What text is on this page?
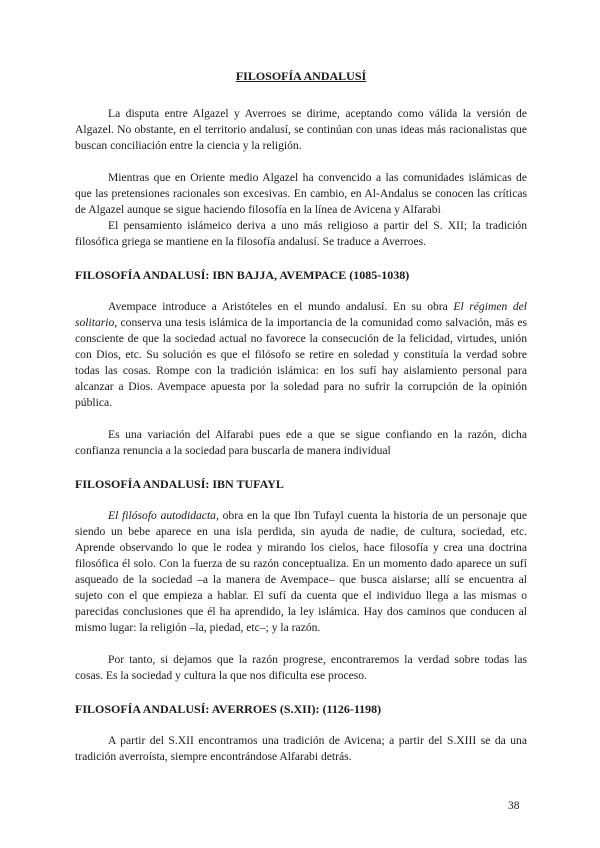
FILOSOFÍA ANDALUSÍ

La disputa entre Algazel y Averroes se dirime, aceptando como válida la versión de Algazel. No obstante, en el territorio andalusí, se continúan con unas ideas más racionalistas que buscan conciliación entre la ciencia y la religión.

Mientras que en Oriente medio Algazel ha convencido a las comunidades islámicas de que las pretensiones racionales son excesivas. En cambio, en Al-Andalus se conocen las críticas de Algazel aunque se sigue haciendo filosofía en la línea de Avicena y Alfarabi

El pensamiento islámeico deriva a uno más religioso a partir del S. XII; la tradición filosófica griega se mantiene en la filosofía andalusí. Se traduce a Averroes.

FILOSOFÍA ANDALUSÍ: IBN BAJJA, AVEMPACE (1085-1038)

Avempace introduce a Aristóteles en el mundo andalusí. En su obra El régimen del solitario, conserva una tesis islámica de la importancia de la comunidad como salvación, más es consciente de que la sociedad actual no favorece la consecución de la felicidad, virtudes, unión con Dios, etc. Su solución es que el filósofo se retire en soledad y constituía la verdad sobre todas las cosas. Rompe con la tradición islámica: en los sufí hay aislamiento personal para alcanzar a Dios. Avempace apuesta por la soledad para no sufrir la corrupción de la opinión pública.

Es una variación del Alfarabi pues ede a que se sigue confiando en la razón, dicha confianza renuncia a la sociedad para buscarla de manera individual

FILOSOFÍA ANDALUSÍ: IBN TUFAYL

El filósofo autodidacta, obra en la que Ibn Tufayl cuenta la historia de un personaje que siendo un bebe aparece en una isla perdida, sin ayuda de nadie, de cultura, sociedad, etc. Aprende observando lo que le rodea y mirando los cielos, hace filosofía y crea una doctrina filosófica él solo. Con la fuerza de su razón conceptualiza. En un momento dado aparece un sufí asqueado de la sociedad –a la manera de Avempace– que busca aislarse; allí se encuentra al sujeto con el que empieza a hablar. El sufí da cuenta que el individuo llega a las mismas o parecidas conclusiones que él ha aprendido, la ley islámica. Hay dos caminos que conducen al mismo lugar: la religión –la, piedad, etc–; y la razón.

Por tanto, si dejamos que la razón progrese, encontraremos la verdad sobre todas las cosas. Es la sociedad y cultura la que nos dificulta ese proceso.

FILOSOFÍA ANDALUSÍ: AVERROES (S.XII): (1126-1198)

A partir del S.XII encontramos una tradición de Avicena; a partir del S.XIII se da una tradición averroísta, siempre encontrándose Alfarabi detrás.

38
